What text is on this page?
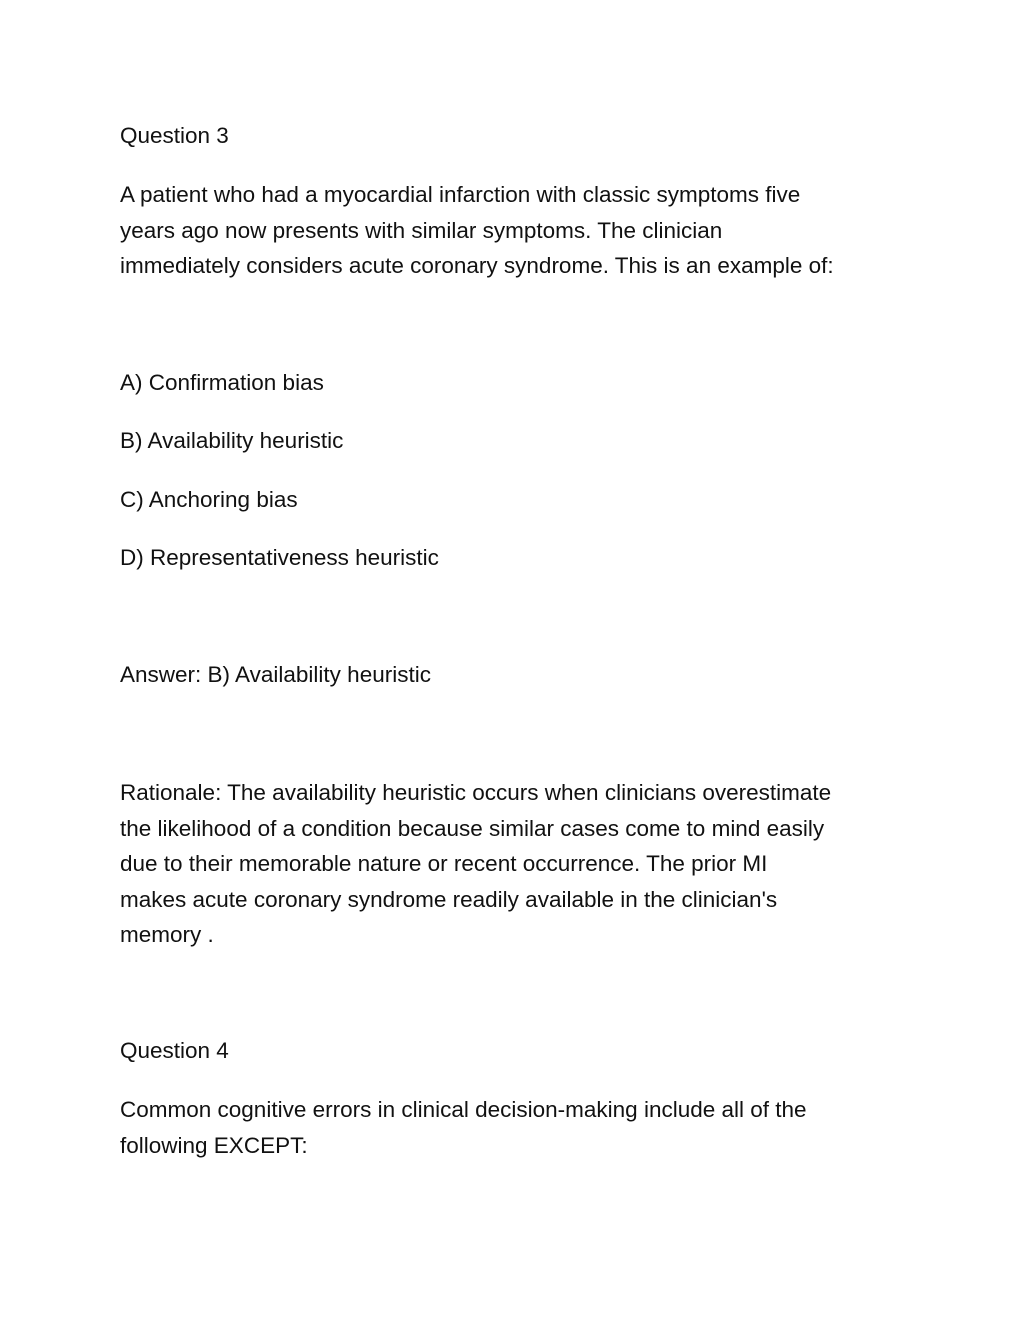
Question 3

A patient who had a myocardial infarction with classic symptoms five
years ago now presents with similar symptoms. The clinician
immediately considers acute coronary syndrome. This is an example of:

A) Confirmation bias

B) Availability heuristic

C) Anchoring bias

D) Representativeness heuristic

Answer: B) Availability heuristic

Rationale: The availability heuristic occurs when clinicians overestimate
the likelihood of a condition because similar cases come to mind easily
due to their memorable nature or recent occurrence. The prior MI
makes acute coronary syndrome readily available in the clinician's
memory .

Question 4

Common cognitive errors in clinical decision-making include all of the
following EXCEPT:
